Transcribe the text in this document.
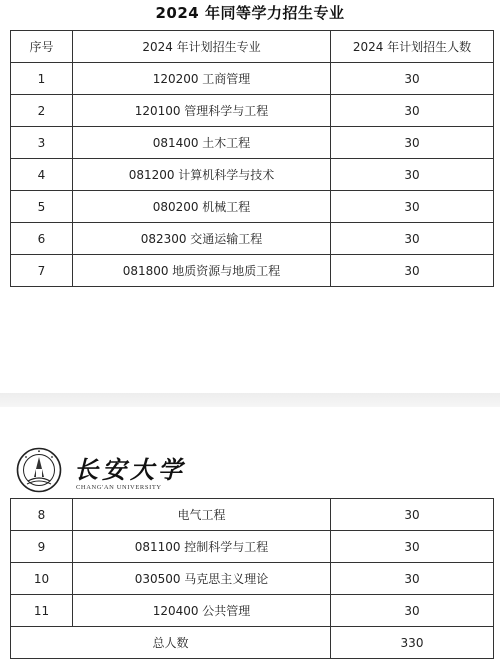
2024 年同等学力招生专业
序号	2024 年计划招生专业	2024 年计划招生人数
1	120200 工商管理	30
2	120100 管理科学与工程	30
3	081400 土木工程	30
4	081200 计算机科学与技术	30
5	080200 机械工程	30
6	082300 交通运输工程	30
7	081800 地质资源与地质工程	30
长安大学
CHANG'AN UNIVERSITY
8	电气工程	30
9	081100 控制科学与工程	30
10	030500 马克思主义理论	30
11	120400 公共管理	30
总人数		330
